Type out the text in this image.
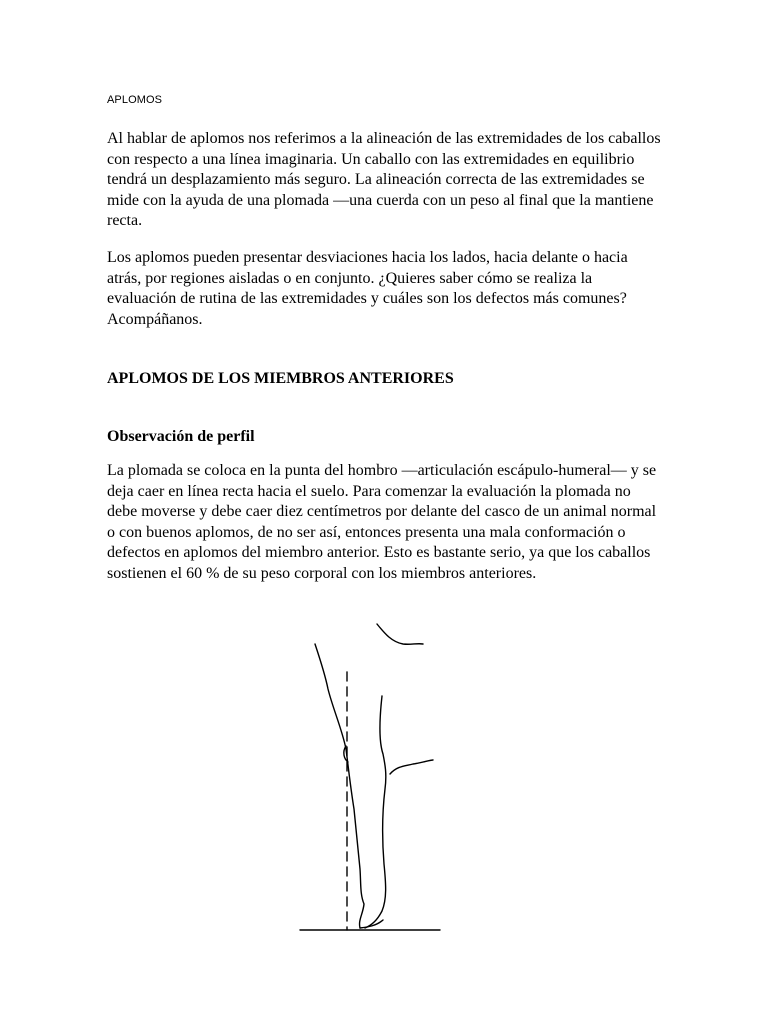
APLOMOS

Al hablar de aplomos nos referimos a la alineación de las extremidades de los caballos con respecto a una línea imaginaria. Un caballo con las extremidades en equilibrio tendrá un desplazamiento más seguro. La alineación correcta de las extremidades se mide con la ayuda de una plomada —una cuerda con un peso al final que la mantiene recta.

Los aplomos pueden presentar desviaciones hacia los lados, hacia delante o hacia atrás, por regiones aisladas o en conjunto. ¿Quieres saber cómo se realiza la evaluación de rutina de las extremidades y cuáles son los defectos más comunes? Acompáñanos.

APLOMOS DE LOS MIEMBROS ANTERIORES
Observación de perfil

La plomada se coloca en la punta del hombro —articulación escápulo-humeral— y se deja caer en línea recta hacia el suelo. Para comenzar la evaluación la plomada no debe moverse y debe caer diez centímetros por delante del casco de un animal normal o con buenos aplomos, de no ser así, entonces presenta una mala conformación o defectos en aplomos del miembro anterior. Esto es bastante serio, ya que los caballos sostienen el 60 % de su peso corporal con los miembros anteriores.
